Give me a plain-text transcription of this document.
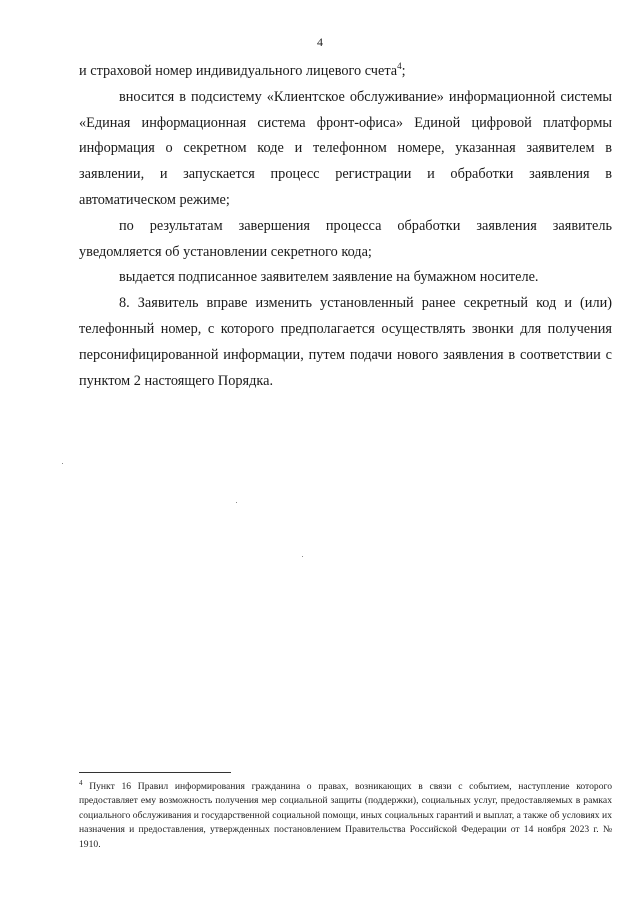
4

и страховой номер индивидуального лицевого счета$^4$;

вносится в подсистему «Клиентское обслуживание» информационной системы «Единая информационная система фронт-офиса» Единой цифровой платформы информация о секретном коде и телефонном номере, указанная заявителем в заявлении, и запускается процесс регистрации и обработки заявления в автоматическом режиме;

по результатам завершения процесса обработки заявления заявитель уведомляется об установлении секретного кода;

выдается подписанное заявителем заявление на бумажном носителе.

8. Заявитель вправе изменить установленный ранее секретный код и (или) телефонный номер, с которого предполагается осуществлять звонки для получения персонифицированной информации, путем подачи нового заявления в соответствии с пунктом 2 настоящего Порядка.

$^4$ Пункт 16 Правил информирования гражданина о правах, возникающих в связи с событием, наступление которого предоставляет ему возможность получения мер социальной защиты (поддержки), социальных услуг, предоставляемых в рамках социального обслуживания и государственной социальной помощи, иных социальных гарантий и выплат, а также об условиях их назначения и предоставления, утвержденных постановлением Правительства Российской Федерации от 14 ноября 2023 г. № 1910.
